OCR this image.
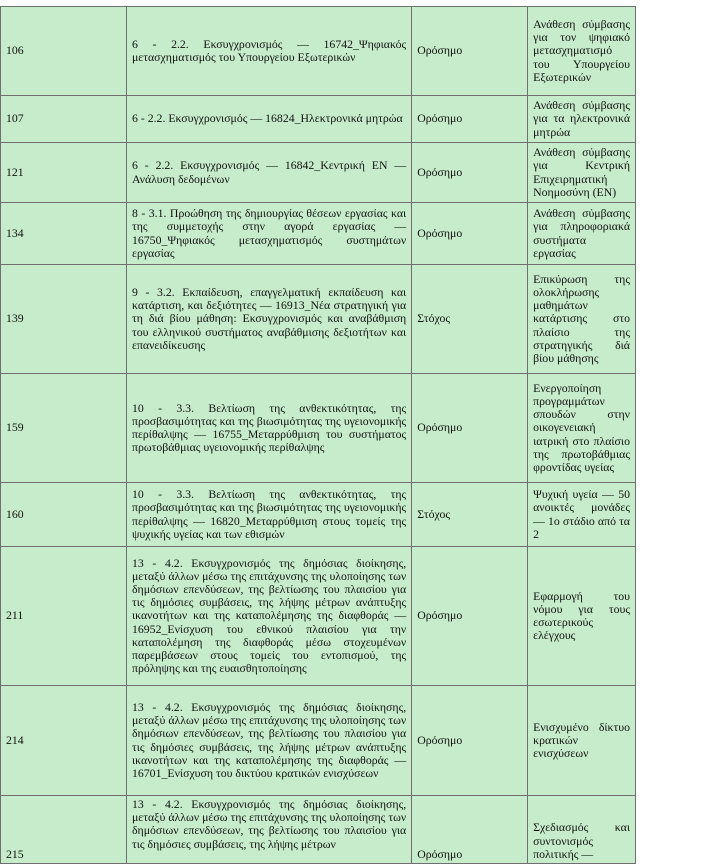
106	6 - 2.2. Εκσυγχρονισμός — 16742_Ψηφιακός μετασχηματισμός του Υπουργείου Εξωτερικών	Ορόσημο	Ανάθεση σύμβασης για τον ψηφιακό μετασχηματισμό του Υπουργείου Εξωτερικών
107	6 - 2.2. Εκσυγχρονισμός — 16824_Ηλεκτρονικά μητρώα	Ορόσημο	Ανάθεση σύμβασης για τα ηλεκτρονικά μητρώα
121	6 - 2.2. Εκσυγχρονισμός — 16842_Κεντρική ΕΝ — Ανάλυση δεδομένων	Ορόσημο	Ανάθεση σύμβασης για Κεντρική Επιχειρηματική Νοημοσύνη (ΕΝ)
134	8 - 3.1. Προώθηση της δημιουργίας θέσεων εργασίας και της συμμετοχής στην αγορά εργασίας — 16750_Ψηφιακός μετασχηματισμός συστημάτων εργασίας	Ορόσημο	Ανάθεση σύμβασης για πληροφοριακά συστήματα εργασίας
139	9 - 3.2. Εκπαίδευση, επαγγελματική εκπαίδευση και κατάρτιση, και δεξιότητες — 16913_Νέα στρατηγική για τη διά βίου μάθηση: Εκσυγχρονισμός και αναβάθμιση του ελληνικού συστήματος αναβάθμισης δεξιοτήτων και επανειδίκευσης	Στόχος	Επικύρωση της ολοκλήρωσης μαθημάτων κατάρτισης στο πλαίσιο της στρατηγικής διά βίου μάθησης
159	10 - 3.3. Βελτίωση της ανθεκτικότητας, της προσβασιμότητας και της βιωσιμότητας της υγειονομικής περίθαλψης — 16755_Μεταρρύθμιση του συστήματος πρωτοβάθμιας υγειονομικής περίθαλψης	Ορόσημο	Ενεργοποίηση προγραμμάτων σπουδών στην οικογενειακή ιατρική στο πλαίσιο της πρωτοβάθμιας φροντίδας υγείας
160	10 - 3.3. Βελτίωση της ανθεκτικότητας, της προσβασιμότητας και της βιωσιμότητας της υγειονομικής περίθαλψης — 16820_Μεταρρύθμιση στους τομείς της ψυχικής υγείας και των εθισμών	Στόχος	Ψυχική υγεία — 50 ανοικτές μονάδες — 1ο στάδιο από τα 2
211	13 - 4.2. Εκσυγχρονισμός της δημόσιας διοίκησης, μεταξύ άλλων μέσω της επιτάχυνσης της υλοποίησης των δημόσιων επενδύσεων, της βελτίωσης του πλαισίου για τις δημόσιες συμβάσεις, της λήψης μέτρων ανάπτυξης ικανοτήτων και της καταπολέμησης της διαφθοράς — 16952_Ενίσχυση του εθνικού πλαισίου για την καταπολέμηση της διαφθοράς μέσω στοχευμένων παρεμβάσεων στους τομείς του εντοπισμού, της πρόληψης και της ευαισθητοποίησης	Ορόσημο	Εφαρμογή του νόμου για τους εσωτερικούς ελέγχους
214	13 - 4.2. Εκσυγχρονισμός της δημόσιας διοίκησης, μεταξύ άλλων μέσω της επιτάχυνσης της υλοποίησης των δημόσιων επενδύσεων, της βελτίωσης του πλαισίου για τις δημόσιες συμβάσεις, της λήψης μέτρων ανάπτυξης ικανοτήτων και της καταπολέμησης της διαφθοράς — 16701_Ενίσχυση του δικτύου κρατικών ενισχύσεων	Ορόσημο	Ενισχυμένο δίκτυο κρατικών ενισχύσεων
215	13 - 4.2. Εκσυγχρονισμός της δημόσιας διοίκησης, μεταξύ άλλων μέσω της επιτάχυνσης της υλοποίησης των δημόσιων επενδύσεων, της βελτίωσης του πλαισίου για τις δημόσιες συμβάσεις, της λήψης μέτρων	Ορόσημο	Σχεδιασμός και συντονισμός πολιτικής —
